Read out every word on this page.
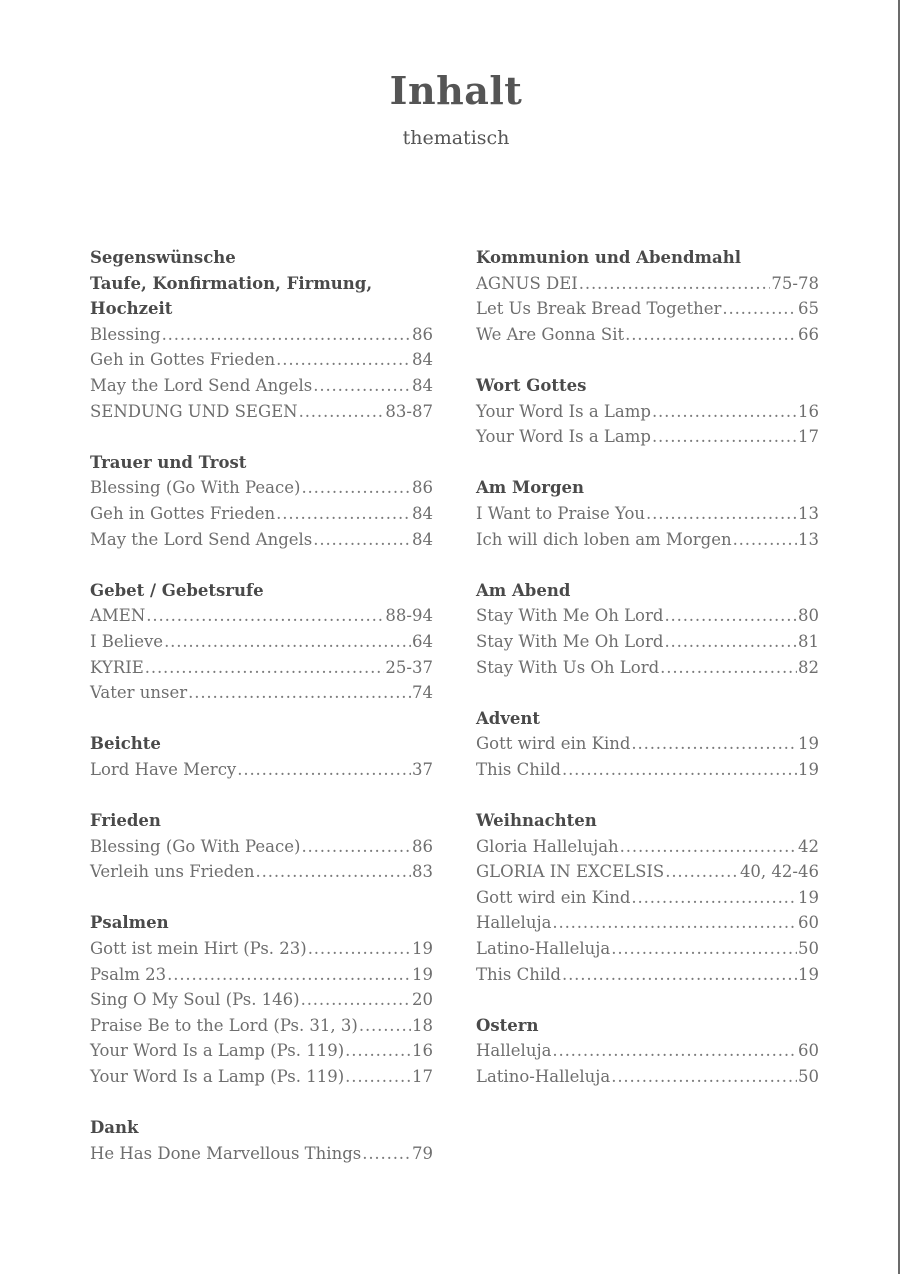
Inhalt
thematisch
Segenswünsche
Taufe, Konfirmation, Firmung,
Hochzeit
Blessing . . .	86
Geh in Gottes Frieden . . .	84
May the Lord Send Angels . . .	84
SENDUNG UND SEGEN . . .	83-87
Trauer und Trost
Blessing (Go With Peace) . . .	86
Geh in Gottes Frieden . . .	84
May the Lord Send Angels . . .	84
Gebet / Gebetsrufe
AMEN . . .	88-94
I Believe . . .	64
KYRIE . . .	25-37
Vater unser . . .	74
Beichte
Lord Have Mercy . . .	37
Frieden
Blessing (Go With Peace) . . .	86
Verleih uns Frieden . . .	83
Psalmen
Gott ist mein Hirt (Ps. 23) . . .	19
Psalm 23 . . .	19
Sing O My Soul (Ps. 146) . . .	20
Praise Be to the Lord (Ps. 31, 3) . . .	18
Your Word Is a Lamp (Ps. 119) . . .	16
Your Word Is a Lamp (Ps. 119) . . .	17
Dank
He Has Done Marvellous Things . . .	79
Kommunion und Abendmahl
AGNUS DEI . . .	75-78
Let Us Break Bread Together . . .	65
We Are Gonna Sit . . .	66
Wort Gottes
Your Word Is a Lamp . . .	16
Your Word Is a Lamp . . .	17
Am Morgen
I Want to Praise You . . .	13
Ich will dich loben am Morgen . . .	13
Am Abend
Stay With Me Oh Lord . . .	80
Stay With Me Oh Lord . . .	81
Stay With Us Oh Lord . . .	82
Advent
Gott wird ein Kind . . .	19
This Child . . .	19
Weihnachten
Gloria Hallelujah . . .	42
GLORIA IN EXCELSIS . . .	40, 42-46
Gott wird ein Kind . . .	19
Halleluja . . .	60
Latino-Halleluja . . .	50
This Child . . .	19
Ostern
Halleluja . . .	60
Latino-Halleluja . . .	50
